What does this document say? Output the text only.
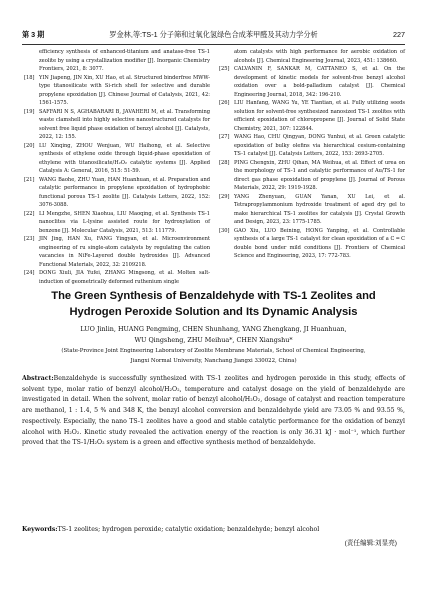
第 3 期	罗金林,等:TS-1 分子筛和过氧化氢绿色合成苯甲醛及其动力学分析	227
efficiency synthesis of enhanced-titanium and anatase-free TS-1 zeolite by using a crystallization modifier [J]. Inorganic Chemistry Frontiers, 2021, 8: 3077.
[18] YIN Jiapeng, JIN Xin, XU Hao, et al. Structured binderfree MWW-type titanosilicate with Si-rich shell for selective and durable propylene epoxidation [J]. Chinese Journal of Catalysis, 2021, 42: 1561-1575.
[19] SAFFARI N S, AGHABARARI B, JAVAHERI M, et al. Transforming waste clamshell into highly selective nanostructured catalysts for solvent free liquid phase oxidation of benzyl alcohol [J]. Catalysts, 2022, 12: 155.
[20] LU Xinqing, ZHOU Wenjuan, WU Haihong, et al. Selective synthesis of ethylene oxide through liquid-phase epoxidation of ethylene with titanosilicate/H₂O₂ catalytic systems [J]. Applied Catalysis A: General, 2016, 515: 51-59.
[21] WANG Baohe, ZHU Yuan, HAN Huanhuan, et al. Preparation and catalytic performance in propylene epoxidation of hydrophobic functional porous TS-1 zeolite [J]. Catalysis Letters, 2022, 152: 3076-3088.
[22] LI Mengzhe, SHEN Xiaohua, LIU Maoqing, et al. Synthesis TS-1 nanoclites via L-lysine assisted route for hydroxylation of benzene [J]. Molecular Catalysis, 2021, 513: 111779.
[23] JIN Jing, HAN Xu, FANG Yingyan, et al. Microenvironment engineering of ru single-atom catalysts by regulating the cation vacancies in NiFe-Layered double hydroxides [J]. Advanced Functional Materials, 2022, 32: 2109218.
[24] DONG Xiuli, JIA Yufei, ZHANG Mingsong, et al. Molten salt-induction of geometrically deformed ruthenium single
atom catalysts with high performance for aerobic oxidation of alcohols [J]. Chemical Engineering Journal, 2023, 451: 138660.
[25] CALVANIN F, SANKAR M, CATTANEO S, et al. On the development of kinetic models for solvent-free benzyl alcohol oxidation over a bold-palladium catalyst [J]. Chemical Engineering Journal, 2018, 342: 196-210.
[26] LIU Hanfang, WANG Yu, YE Tiantian, et al. Fully utilizing seeds solution for solvent-free synthesized nanosized TS-1 zeolites with efficient epoxidation of chloropropene [J]. Journal of Solid State Chemistry, 2021, 307: 122844.
[27] WANG Hao, CHU Qingyan, DONG Yunhui, et al. Green catalytic epoxidation of bulky olefins via hierarchical cesium-containing TS-1 catalyst [J]. Catalysis Letters, 2022, 153: 2693-2705.
[28] PING Chengxin, ZHU Qihan, MA Weihua, et al. Effect of urea on the morphology of TS-1 and catalytic performance of Au/TS-1 for direct gas phase epoxidation of propylene [J]. Journal of Porous Materials, 2022, 29: 1919-1928.
[29] YANG Zhenyuan, GUAN Yanan, XU Lei, et al. Tetrapropylammonium hydroxide treatment of aged dry gel to make hierarchical TS-1 zeolites for catalysis [J]. Crystal Growth and Design, 2023, 23: 1775-1785.
[30] GAO Xiu, LUO Beining, HONG Yanping, et al. Controllable synthesis of a large TS-1 catalyst for clean epoxidation of a C ═ C double bond under mild conditions [J]. Frontiers of Chemical Science and Engineering, 2023, 17: 772-783.
The Green Synthesis of Benzaldehyde with TS-1 Zeolites and
Hydrogen Peroxide Solution and Its Dynamic Analysis
LUO Jinlin, HUANG Pengming, CHEN Shunhang, YANG Zhengkang, JI Huanhuan,
WU Qingsheng, ZHU Meihua*, CHEN Xiangshu*
(State-Province Joint Engineering Laboratory of Zeolite Membrane Materials, School of Chemical Engineering,
Jiangxi Normal University, Nanchang Jiangxi 330022, China)
Abstract:Benzaldehyde is successfully synthesized with TS-1 zeolites and hydrogen peroxide in this study, effects of solvent type, molar ratio of benzyl alcohol/H₂O₂, temperature and catalyst dosage on the yield of benzaldehyde are investigated in detail. When the solvent, molar ratio of benzyl alcohol/H₂O₂, dosage of catalyst and reaction temperature are methanol, 1 : 1.4, 5 % and 348 K, the benzyl alcohol conversion and benzaldehyde yield are 73.05 % and 93.55 %, respectively. Especially, the nano TS-1 zeolites have a good and stable catalytic performance for the oxidation of benzyl alcohol with H₂O₂. Kinetic study revealed the activation energy of the reaction is only 36.31 kJ · mol⁻¹, which further proved that the TS-1/H₂O₂ system is a green and effective synthesis method of benzaldehyde.
Keywords:TS-1 zeolites; hydrogen peroxide; catalytic oxidation; benzaldehyde; benzyl alcohol
(责任编辑:刘显亮)
